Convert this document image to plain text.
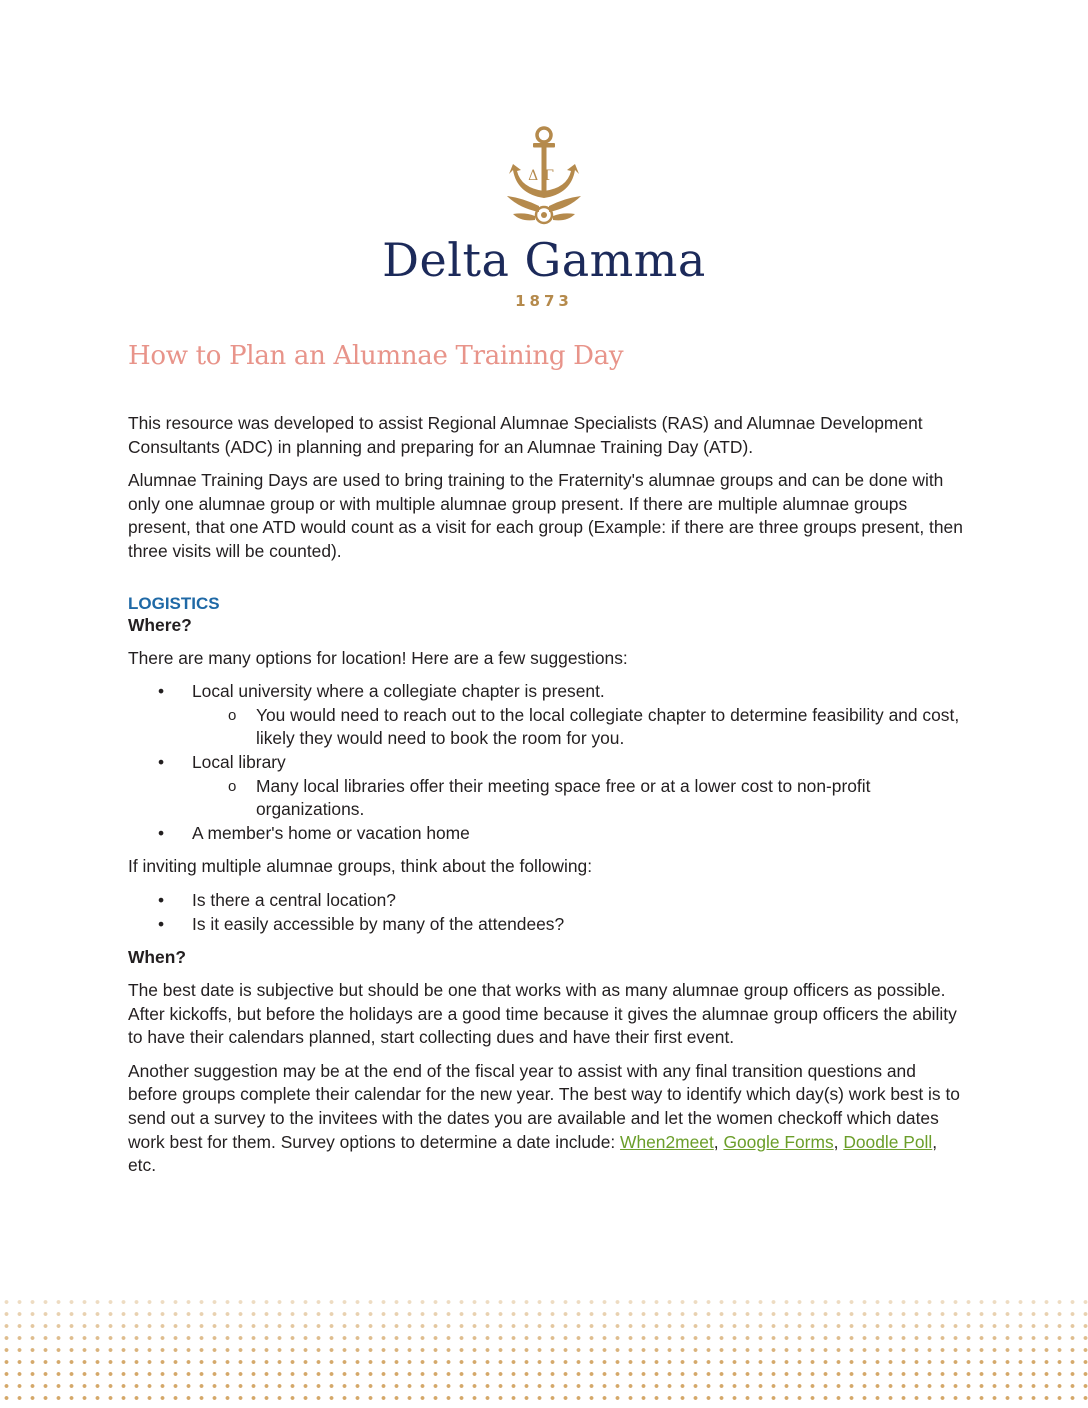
ΔΓ
Delta Gamma
1873
How to Plan an Alumnae Training Day

This resource was developed to assist Regional Alumnae Specialists (RAS) and Alumnae Development Consultants (ADC) in planning and preparing for an Alumnae Training Day (ATD).

Alumnae Training Days are used to bring training to the Fraternity's alumnae groups and can be done with only one alumnae group or with multiple alumnae group present. If there are multiple alumnae groups present, that one ATD would count as a visit for each group (Example: if there are three groups present, then three visits will be counted).

LOGISTICS
Where?

There are many options for location! Here are a few suggestions:

• Local university where a collegiate chapter is present.
o You would need to reach out to the local collegiate chapter to determine feasibility and cost, likely they would need to book the room for you.
• Local library
o Many local libraries offer their meeting space free or at a lower cost to non-profit organizations.
• A member's home or vacation home

If inviting multiple alumnae groups, think about the following:

• Is there a central location?
• Is it easily accessible by many of the attendees?
When?

The best date is subjective but should be one that works with as many alumnae group officers as possible. After kickoffs, but before the holidays are a good time because it gives the alumnae group officers the ability to have their calendars planned, start collecting dues and have their first event.

Another suggestion may be at the end of the fiscal year to assist with any final transition questions and before groups complete their calendar for the new year. The best way to identify which day(s) work best is to send out a survey to the invitees with the dates you are available and let the women checkoff which dates work best for them. Survey options to determine a date include: When2meet, Google Forms, Doodle Poll, etc.
